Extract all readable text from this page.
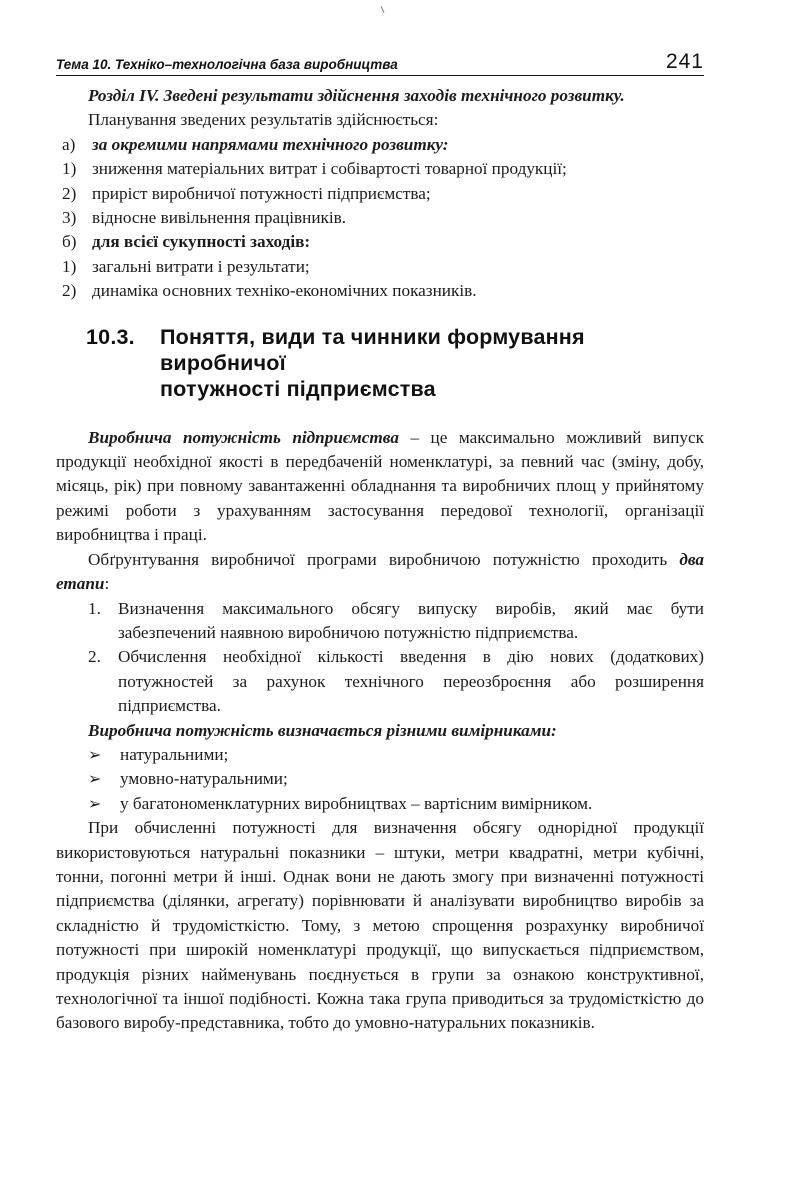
Тема 10. Техніко–технологічна база виробництва	241

Розділ IV. Зведені результати здійснення заходів технічного розвитку.

Планування зведених результатів здійснюється:

а) за окремими напрямами технічного розвитку:
1) зниження матеріальних витрат і собівартості товарної продукції;
2) приріст виробничої потужності підприємства;
3) відносне вивільнення працівників.
б) для всієї сукупності заходів:
1) загальні витрати і результати;
2) динаміка основних техніко-економічних показників.
10.3.	Поняття, види та чинники формування виробничої
потужності підприємства

Виробнича потужність підприємства – це максимально можливий випуск продукції необхідної якості в передбаченій номенклатурі, за певний час (зміну, добу, місяць, рік) при повному завантаженні обладнання та виробничих площ у прийнятому режимі роботи з урахуванням застосування передової технології, організації виробництва і праці.

Обґрунтування виробничої програми виробничою потужністю проходить два етапи:

1. Визначення максимального обсягу випуску виробів, який має бути забезпечений наявною виробничою потужністю підприємства.
2. Обчислення необхідної кількості введення в дію нових (додаткових) потужностей за рахунок технічного переозброєння або розширення підприємства.

Виробнича потужність визначається різними вимірниками:

➢	натуральними;
➢	умовно-натуральними;
➢	у багатономенклатурних виробництвах – вартісним вимірником.

При обчисленні потужності для визначення обсягу однорідної продукції використовуються натуральні показники – штуки, метри квадратні, метри кубічні, тонни, погонні метри й інші. Однак вони не дають змогу при визначенні потужності підприємства (ділянки, агрегату) порівнювати й аналізувати виробництво виробів за складністю й трудомісткістю. Тому, з метою спрощення розрахунку виробничої потужності при широкій номенклатурі продукції, що випускається підприємством, продукція різних найменувань поєднується в групи за ознакою конструктивної, технологічної та іншої подібності. Кожна така група приводиться за трудомісткістю до базового виробу-представника, тобто до умовно-натуральних показників.
